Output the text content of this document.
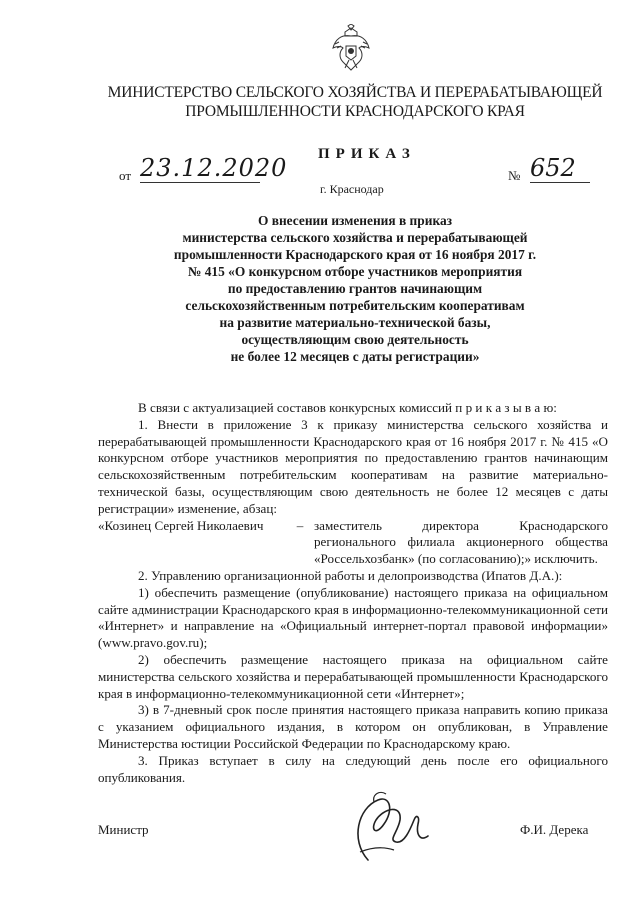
МИНИСТЕРСТВО СЕЛЬСКОГО ХОЗЯЙСТВА И ПЕРЕРАБАТЫВАЮЩЕЙ
ПРОМЫШЛЕННОСТИ КРАСНОДАРСКОГО КРАЯ
ПРИКАЗ
от 23.12.2020	№ 652
г. Краснодар
О внесении изменения в приказ
министерства сельского хозяйства и перерабатывающей
промышленности Краснодарского края от 16 ноября 2017 г.
№ 415 «О конкурсном отборе участников мероприятия
по предоставлению грантов начинающим
сельскохозяйственным потребительским кооперативам
на развитие материально-технической базы,
осуществляющим свою деятельность
не более 12 месяцев с даты регистрации»

В связи с актуализацией составов конкурсных комиссий п р и к а з ы в а ю:

1. Внести в приложение 3 к приказу министерства сельского хозяйства и перерабатывающей промышленности Краснодарского края от 16 ноября 2017 г. № 415 «О конкурсном отборе участников мероприятия по предоставлению грантов начинающим сельскохозяйственным потребительским кооперативам на развитие материально-технической базы, осуществляющим свою деятельность не более 12 месяцев с даты регистрации» изменение, абзац:

«Козинец Сергей Николаевич	– заместитель директора Краснодарского регионального филиала акционерного общества «Россельхозбанк» (по согласованию);» исключить.

2. Управлению организационной работы и делопроизводства (Ипатов Д.А.):

1) обеспечить размещение (опубликование) настоящего приказа на официальном сайте администрации Краснодарского края в информационно-телекоммуникационной сети «Интернет» и направление на «Официальный интернет-портал правовой информации» (www.pravo.gov.ru);

2) обеспечить размещение настоящего приказа на официальном сайте министерства сельского хозяйства и перерабатывающей промышленности Краснодарского края в информационно-телекоммуникационной сети «Интернет»;

3) в 7-дневный срок после принятия настоящего приказа направить копию приказа с указанием официального издания, в котором он опубликован, в Управление Министерства юстиции Российской Федерации по Краснодарскому краю.

3. Приказ вступает в силу на следующий день после его официального опубликования.

Министр	Ф.И. Дерека
